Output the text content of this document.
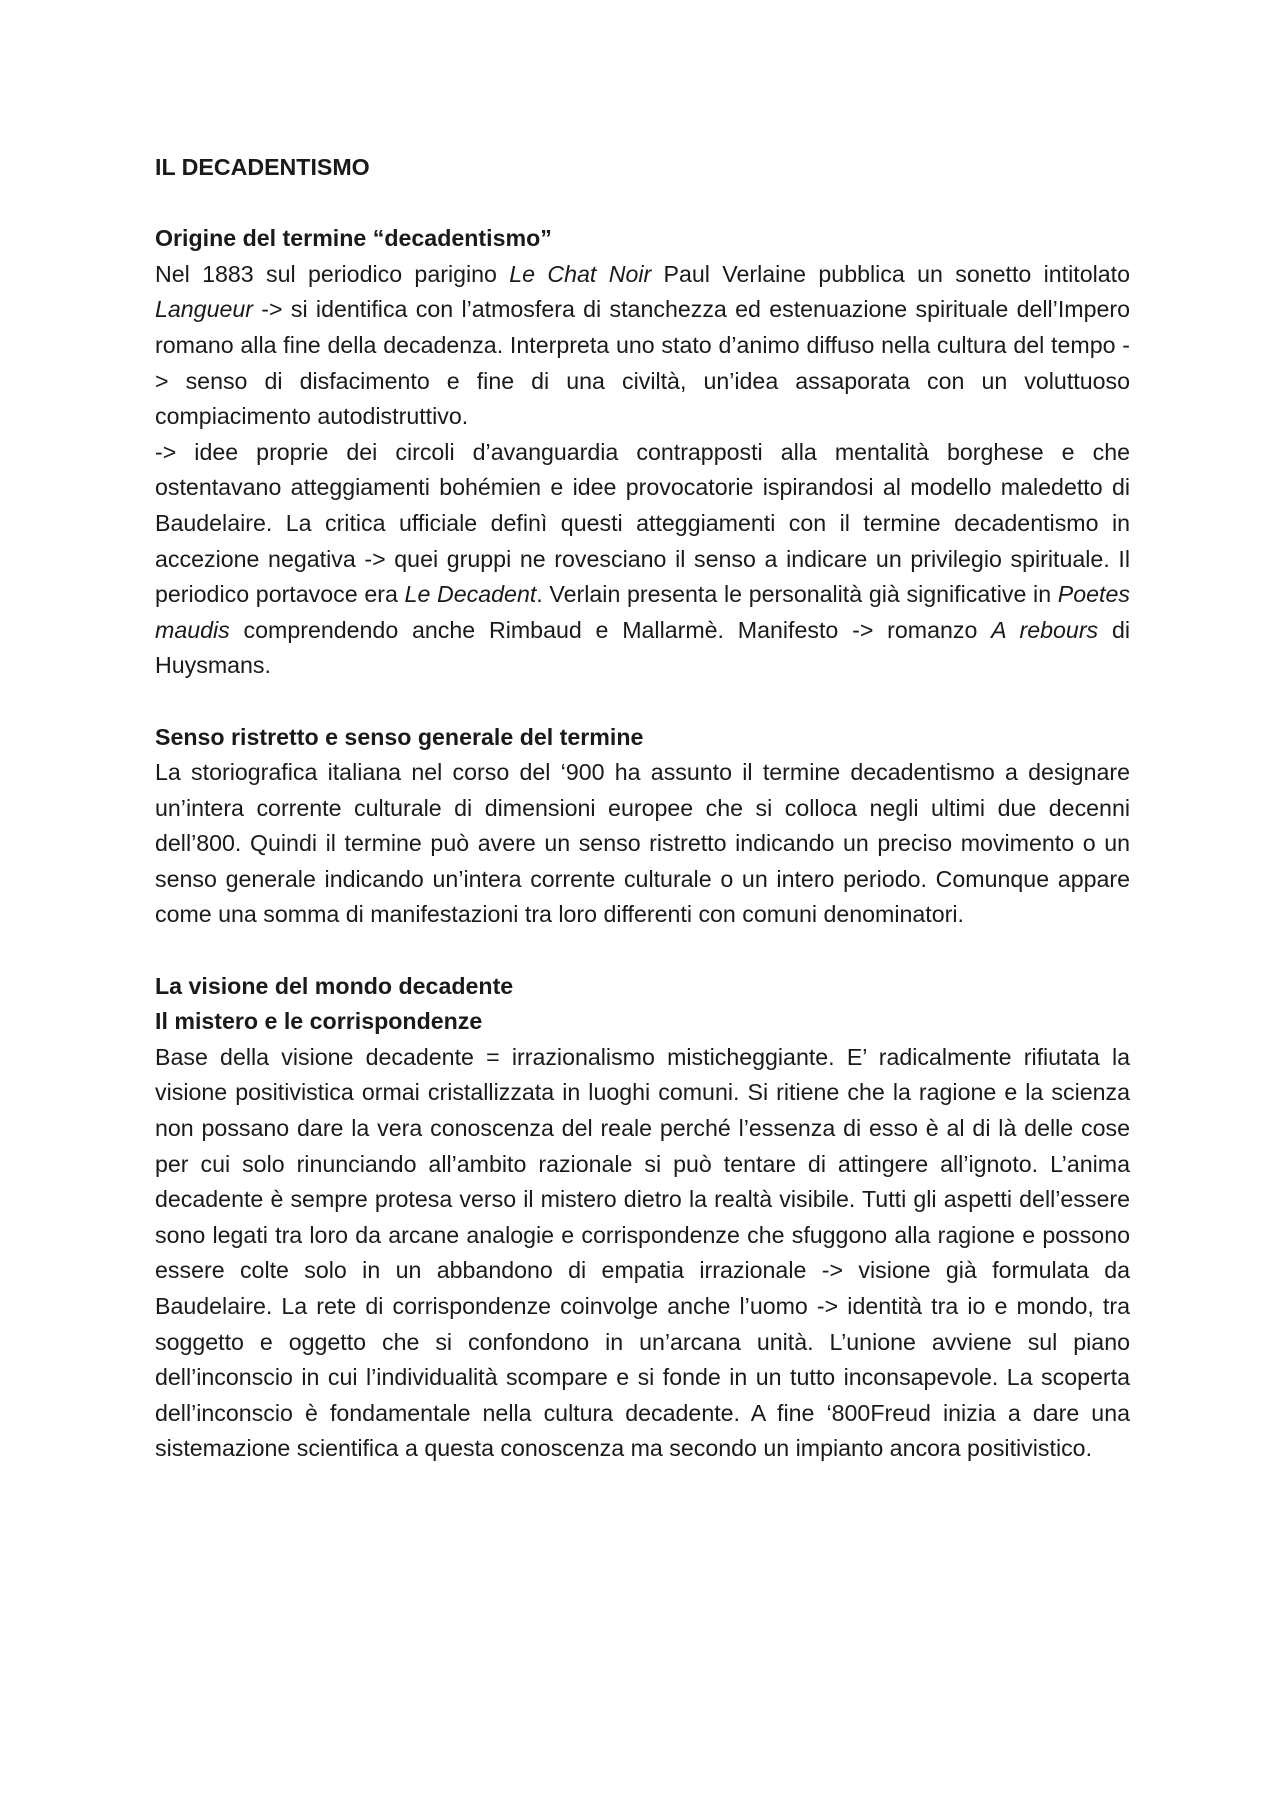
IL DECADENTISMO
Origine del termine “decadentismo”

Nel 1883 sul periodico parigino Le Chat Noir Paul Verlaine pubblica un sonetto intitolato Langueur -> si identifica con l’atmosfera di stanchezza ed estenuazione spirituale dell’Impero romano alla fine della decadenza. Interpreta uno stato d’animo diffuso nella cultura del tempo -> senso di disfacimento e fine di una civiltà, un’idea assaporata con un voluttuoso compiacimento autodistruttivo.

-> idee proprie dei circoli d’avanguardia contrapposti alla mentalità borghese e che ostentavano atteggiamenti bohémien e idee provocatorie ispirandosi al modello maledetto di Baudelaire. La critica ufficiale definì questi atteggiamenti con il termine decadentismo in accezione negativa -> quei gruppi ne rovesciano il senso a indicare un privilegio spirituale. Il periodico portavoce era Le Decadent. Verlain presenta le personalità già significative in Poetes maudis comprendendo anche Rimbaud e Mallarmè. Manifesto -> romanzo A rebours di Huysmans.

Senso ristretto e senso generale del termine

La storiografica italiana nel corso del ‘900 ha assunto il termine decadentismo a designare un’intera corrente culturale di dimensioni europee che si colloca negli ultimi due decenni dell’800. Quindi il termine può avere un senso ristretto indicando un preciso movimento o un senso generale indicando un’intera corrente culturale o un intero periodo. Comunque appare come una somma di manifestazioni tra loro differenti con comuni denominatori.

La visione del mondo decadente
Il mistero e le corrispondenze

Base della visione decadente = irrazionalismo misticheggiante. E’ radicalmente rifiutata la visione positivistica ormai cristallizzata in luoghi comuni. Si ritiene che la ragione e la scienza non possano dare la vera conoscenza del reale perché l’essenza di esso è al di là delle cose per cui solo rinunciando all’ambito razionale si può tentare di attingere all’ignoto. L’anima decadente è sempre protesa verso il mistero dietro la realtà visibile. Tutti gli aspetti dell’essere sono legati tra loro da arcane analogie e corrispondenze che sfuggono alla ragione e possono essere colte solo in un abbandono di empatia irrazionale -> visione già formulata da Baudelaire. La rete di corrispondenze coinvolge anche l’uomo -> identità tra io e mondo, tra soggetto e oggetto che si confondono in un’arcana unità. L’unione avviene sul piano dell’inconscio in cui l’individualità scompare e si fonde in un tutto inconsapevole. La scoperta dell’inconscio è fondamentale nella cultura decadente. A fine ‘800Freud inizia a dare una sistemazione scientifica a questa conoscenza ma secondo un impianto ancora positivistico.
